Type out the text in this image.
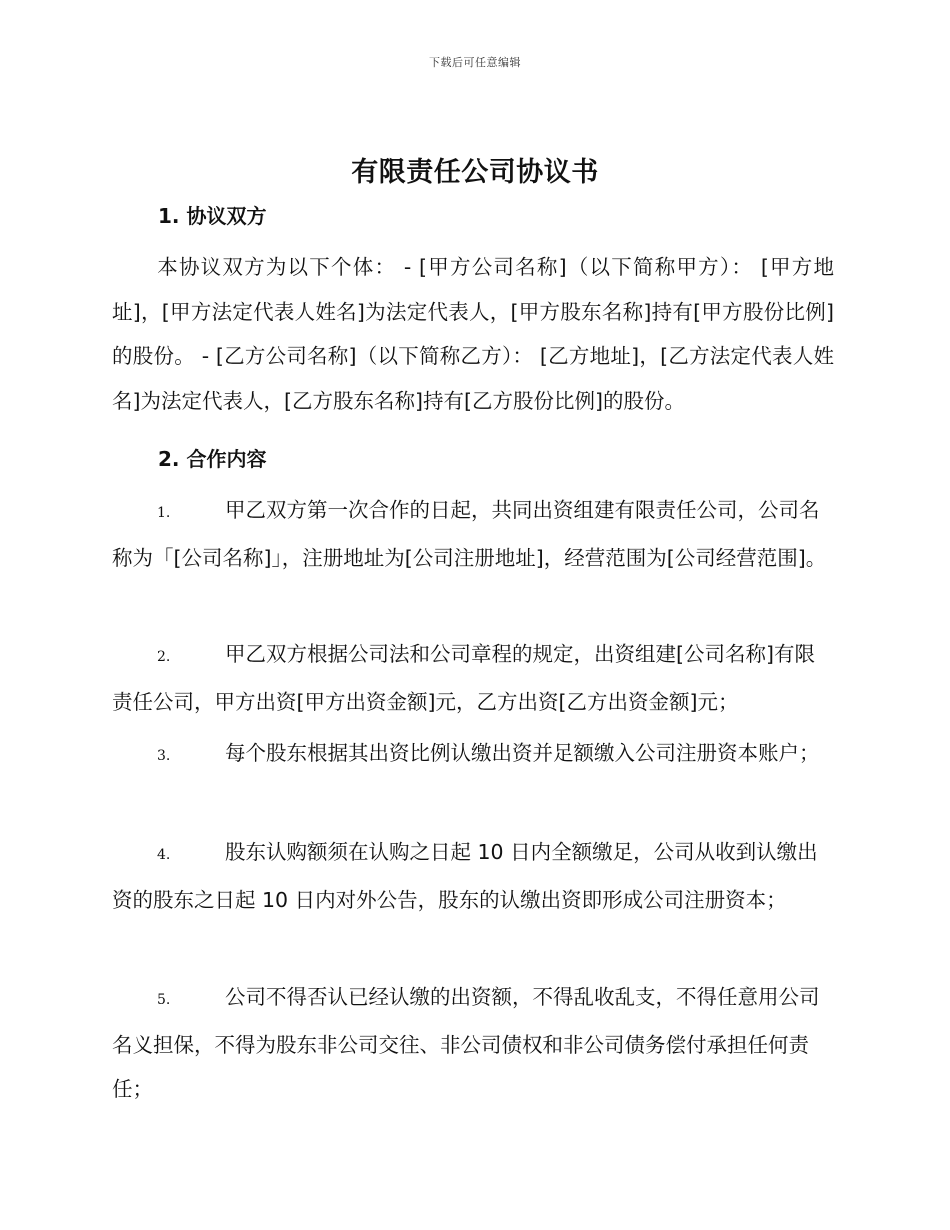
下载后可任意编辑
有限责任公司协议书
1. 协议双方
本协议双方为以下个体： - [甲方公司名称]（以下简称甲方）： [甲方地址]，[甲方法定代表人姓名]为法定代表人，[甲方股东名称]持有[甲方股份比例]的股份。 - [乙方公司名称]（以下简称乙方）： [乙方地址]，[乙方法定代表人姓名]为法定代表人，[乙方股东名称]持有[乙方股份比例]的股份。
2. 合作内容
1.	甲乙双方第一次合作的日起，共同出资组建有限责任公司，公司名称为「[公司名称]」，注册地址为[公司注册地址]，经营范围为[公司经营范围]。
2.	甲乙双方根据公司法和公司章程的规定，出资组建[公司名称]有限责任公司，甲方出资[甲方出资金额]元，乙方出资[乙方出资金额]元；
3.	每个股东根据其出资比例认缴出资并足额缴入公司注册资本账户；
4.	股东认购额须在认购之日起 10 日内全额缴足，公司从收到认缴出资的股东之日起 10 日内对外公告，股东的认缴出资即形成公司注册资本；
5.	公司不得否认已经认缴的出资额，不得乱收乱支，不得任意用公司名义担保，不得为股东非公司交往、非公司债权和非公司债务偿付承担任何责任；
